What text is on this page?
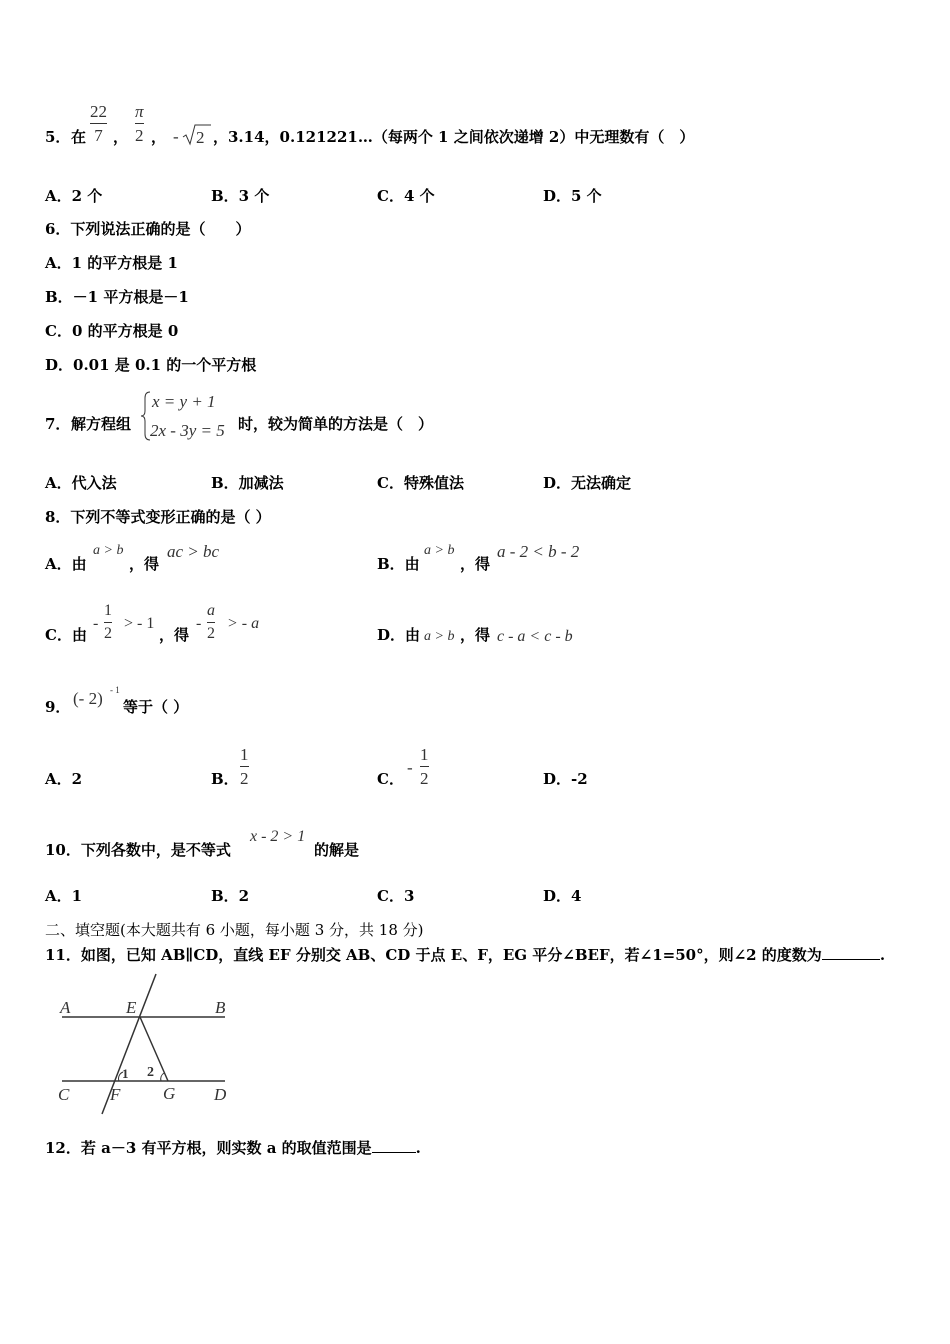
5． 在
22
7 ，
π
2 ， - 2 ，3.14，0.121221…（每两个 1 之间依次递增 2）中无理数有（　）
A．2 个	B．3 个	C．4 个	D．5 个
6．下列说法正确的是（　　）
A．1 的平方根是 1
B．－1 平方根是－1
C．0 的平方根是 0
D．0.01 是 0.1 的一个平方根
7． 解方程组
x = y + 1
2x - 3y = 5 时，较为简单的方法是（　）
A．代入法	B．加减法	C．特殊值法	D．无法确定
8．下列不等式变形正确的是（ ）
A．由
a > b
，得
ac > bc
B．由
a > b
，得
a - 2 < b - 2
C．由
-
1
2
> - 1
，得
-
a
2
> - a
D．由 a > b ，得 c - a < c - b
9． (- 2) - 1
等于（ ）
A．2	B．
1
2	C．
-
1
2	D．-2
10．下列各数中，是不等式
x - 2 > 1
的解是
A．1	B．2	C．3	D．4
二、填空题(本大题共有 6 小题，每小题 3 分，共 18 分)
11．如图，已知 AB∥CD，直线 EF 分别交 AB、CD 于点 E、F，EG 平分∠BEF，若∠1=50°，则∠2 的度数为	.
A	E	B
C F	G D
1 2
12．若 a－3 有平方根，则实数 a 的取值范围是	.
